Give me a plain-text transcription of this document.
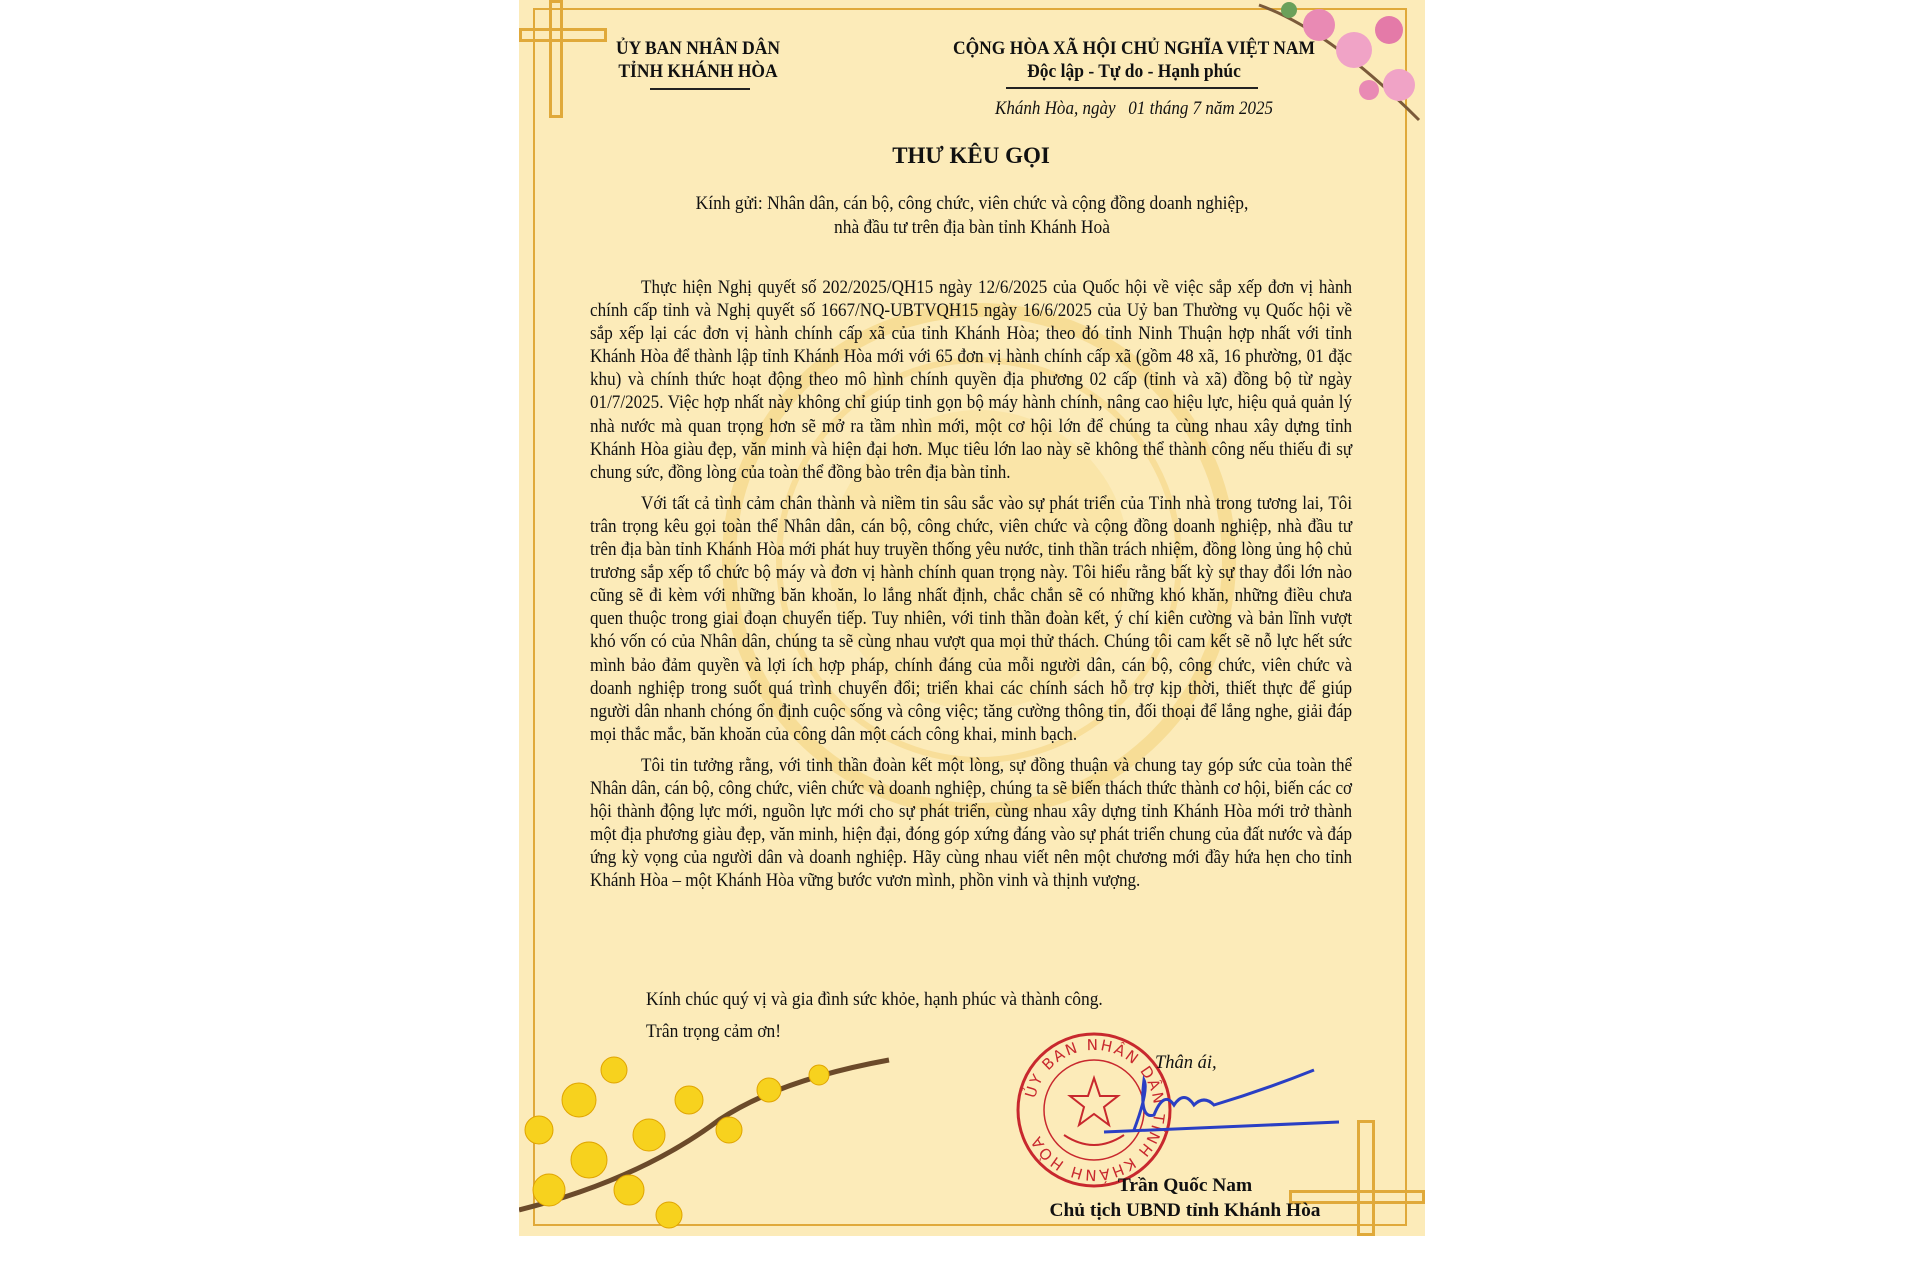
ỦY BAN NHÂN DÂN
TỈNH KHÁNH HÒA
CỘNG HÒA XÃ HỘI CHỦ NGHĨA VIỆT NAM
Độc lập - Tự do - Hạnh phúc
Khánh Hòa, ngày   01 tháng 7 năm 2025
THƯ KÊU GỌI
Kính gửi: Nhân dân, cán bộ, công chức, viên chức và cộng đồng doanh nghiệp,
nhà đầu tư trên địa bàn tỉnh Khánh Hoà

Thực hiện Nghị quyết số 202/2025/QH15 ngày 12/6/2025 của Quốc hội về việc sắp xếp đơn vị hành chính cấp tỉnh và Nghị quyết số 1667/NQ-UBTVQH15 ngày 16/6/2025 của Uỷ ban Thường vụ Quốc hội về sắp xếp lại các đơn vị hành chính cấp xã của tỉnh Khánh Hòa; theo đó tỉnh Ninh Thuận hợp nhất với tỉnh Khánh Hòa để thành lập tỉnh Khánh Hòa mới với 65 đơn vị hành chính cấp xã (gồm 48 xã, 16 phường, 01 đặc khu) và chính thức hoạt động theo mô hình chính quyền địa phương 02 cấp (tỉnh và xã) đồng bộ từ ngày 01/7/2025. Việc hợp nhất này không chỉ giúp tinh gọn bộ máy hành chính, nâng cao hiệu lực, hiệu quả quản lý nhà nước mà quan trọng hơn sẽ mở ra tầm nhìn mới, một cơ hội lớn để chúng ta cùng nhau xây dựng tỉnh Khánh Hòa giàu đẹp, văn minh và hiện đại hơn. Mục tiêu lớn lao này sẽ không thể thành công nếu thiếu đi sự chung sức, đồng lòng của toàn thể đồng bào trên địa bàn tỉnh.

Với tất cả tình cảm chân thành và niềm tin sâu sắc vào sự phát triển của Tỉnh nhà trong tương lai, Tôi trân trọng kêu gọi toàn thể Nhân dân, cán bộ, công chức, viên chức và cộng đồng doanh nghiệp, nhà đầu tư trên địa bàn tỉnh Khánh Hòa mới phát huy truyền thống yêu nước, tinh thần trách nhiệm, đồng lòng ủng hộ chủ trương sắp xếp tổ chức bộ máy và đơn vị hành chính quan trọng này. Tôi hiểu rằng bất kỳ sự thay đổi lớn nào cũng sẽ đi kèm với những băn khoăn, lo lắng nhất định, chắc chắn sẽ có những khó khăn, những điều chưa quen thuộc trong giai đoạn chuyển tiếp. Tuy nhiên, với tinh thần đoàn kết, ý chí kiên cường và bản lĩnh vượt khó vốn có của Nhân dân, chúng ta sẽ cùng nhau vượt qua mọi thử thách. Chúng tôi cam kết sẽ nỗ lực hết sức mình bảo đảm quyền và lợi ích hợp pháp, chính đáng của mỗi người dân, cán bộ, công chức, viên chức và doanh nghiệp trong suốt quá trình chuyển đổi; triển khai các chính sách hỗ trợ kịp thời, thiết thực để giúp người dân nhanh chóng ổn định cuộc sống và công việc; tăng cường thông tin, đối thoại để lắng nghe, giải đáp mọi thắc mắc, băn khoăn của công dân một cách công khai, minh bạch.

Tôi tin tưởng rằng, với tinh thần đoàn kết một lòng, sự đồng thuận và chung tay góp sức của toàn thể Nhân dân, cán bộ, công chức, viên chức và doanh nghiệp, chúng ta sẽ biến thách thức thành cơ hội, biến các cơ hội thành động lực mới, nguồn lực mới cho sự phát triển, cùng nhau xây dựng tỉnh Khánh Hòa mới trở thành một địa phương giàu đẹp, văn minh, hiện đại, đóng góp xứng đáng vào sự phát triển chung của đất nước và đáp ứng kỳ vọng của người dân và doanh nghiệp. Hãy cùng nhau viết nên một chương mới đầy hứa hẹn cho tỉnh Khánh Hòa – một Khánh Hòa vững bước vươn mình, phồn vinh và thịnh vượng.

Kính chúc quý vị và gia đình sức khỏe, hạnh phúc và thành công.
Trân trọng cảm ơn!
ỦY BAN NHÂN DÂN TỈNH KHÁNH HÒA
Thân ái,
Trần Quốc Nam
Chủ tịch UBND tỉnh Khánh Hòa
